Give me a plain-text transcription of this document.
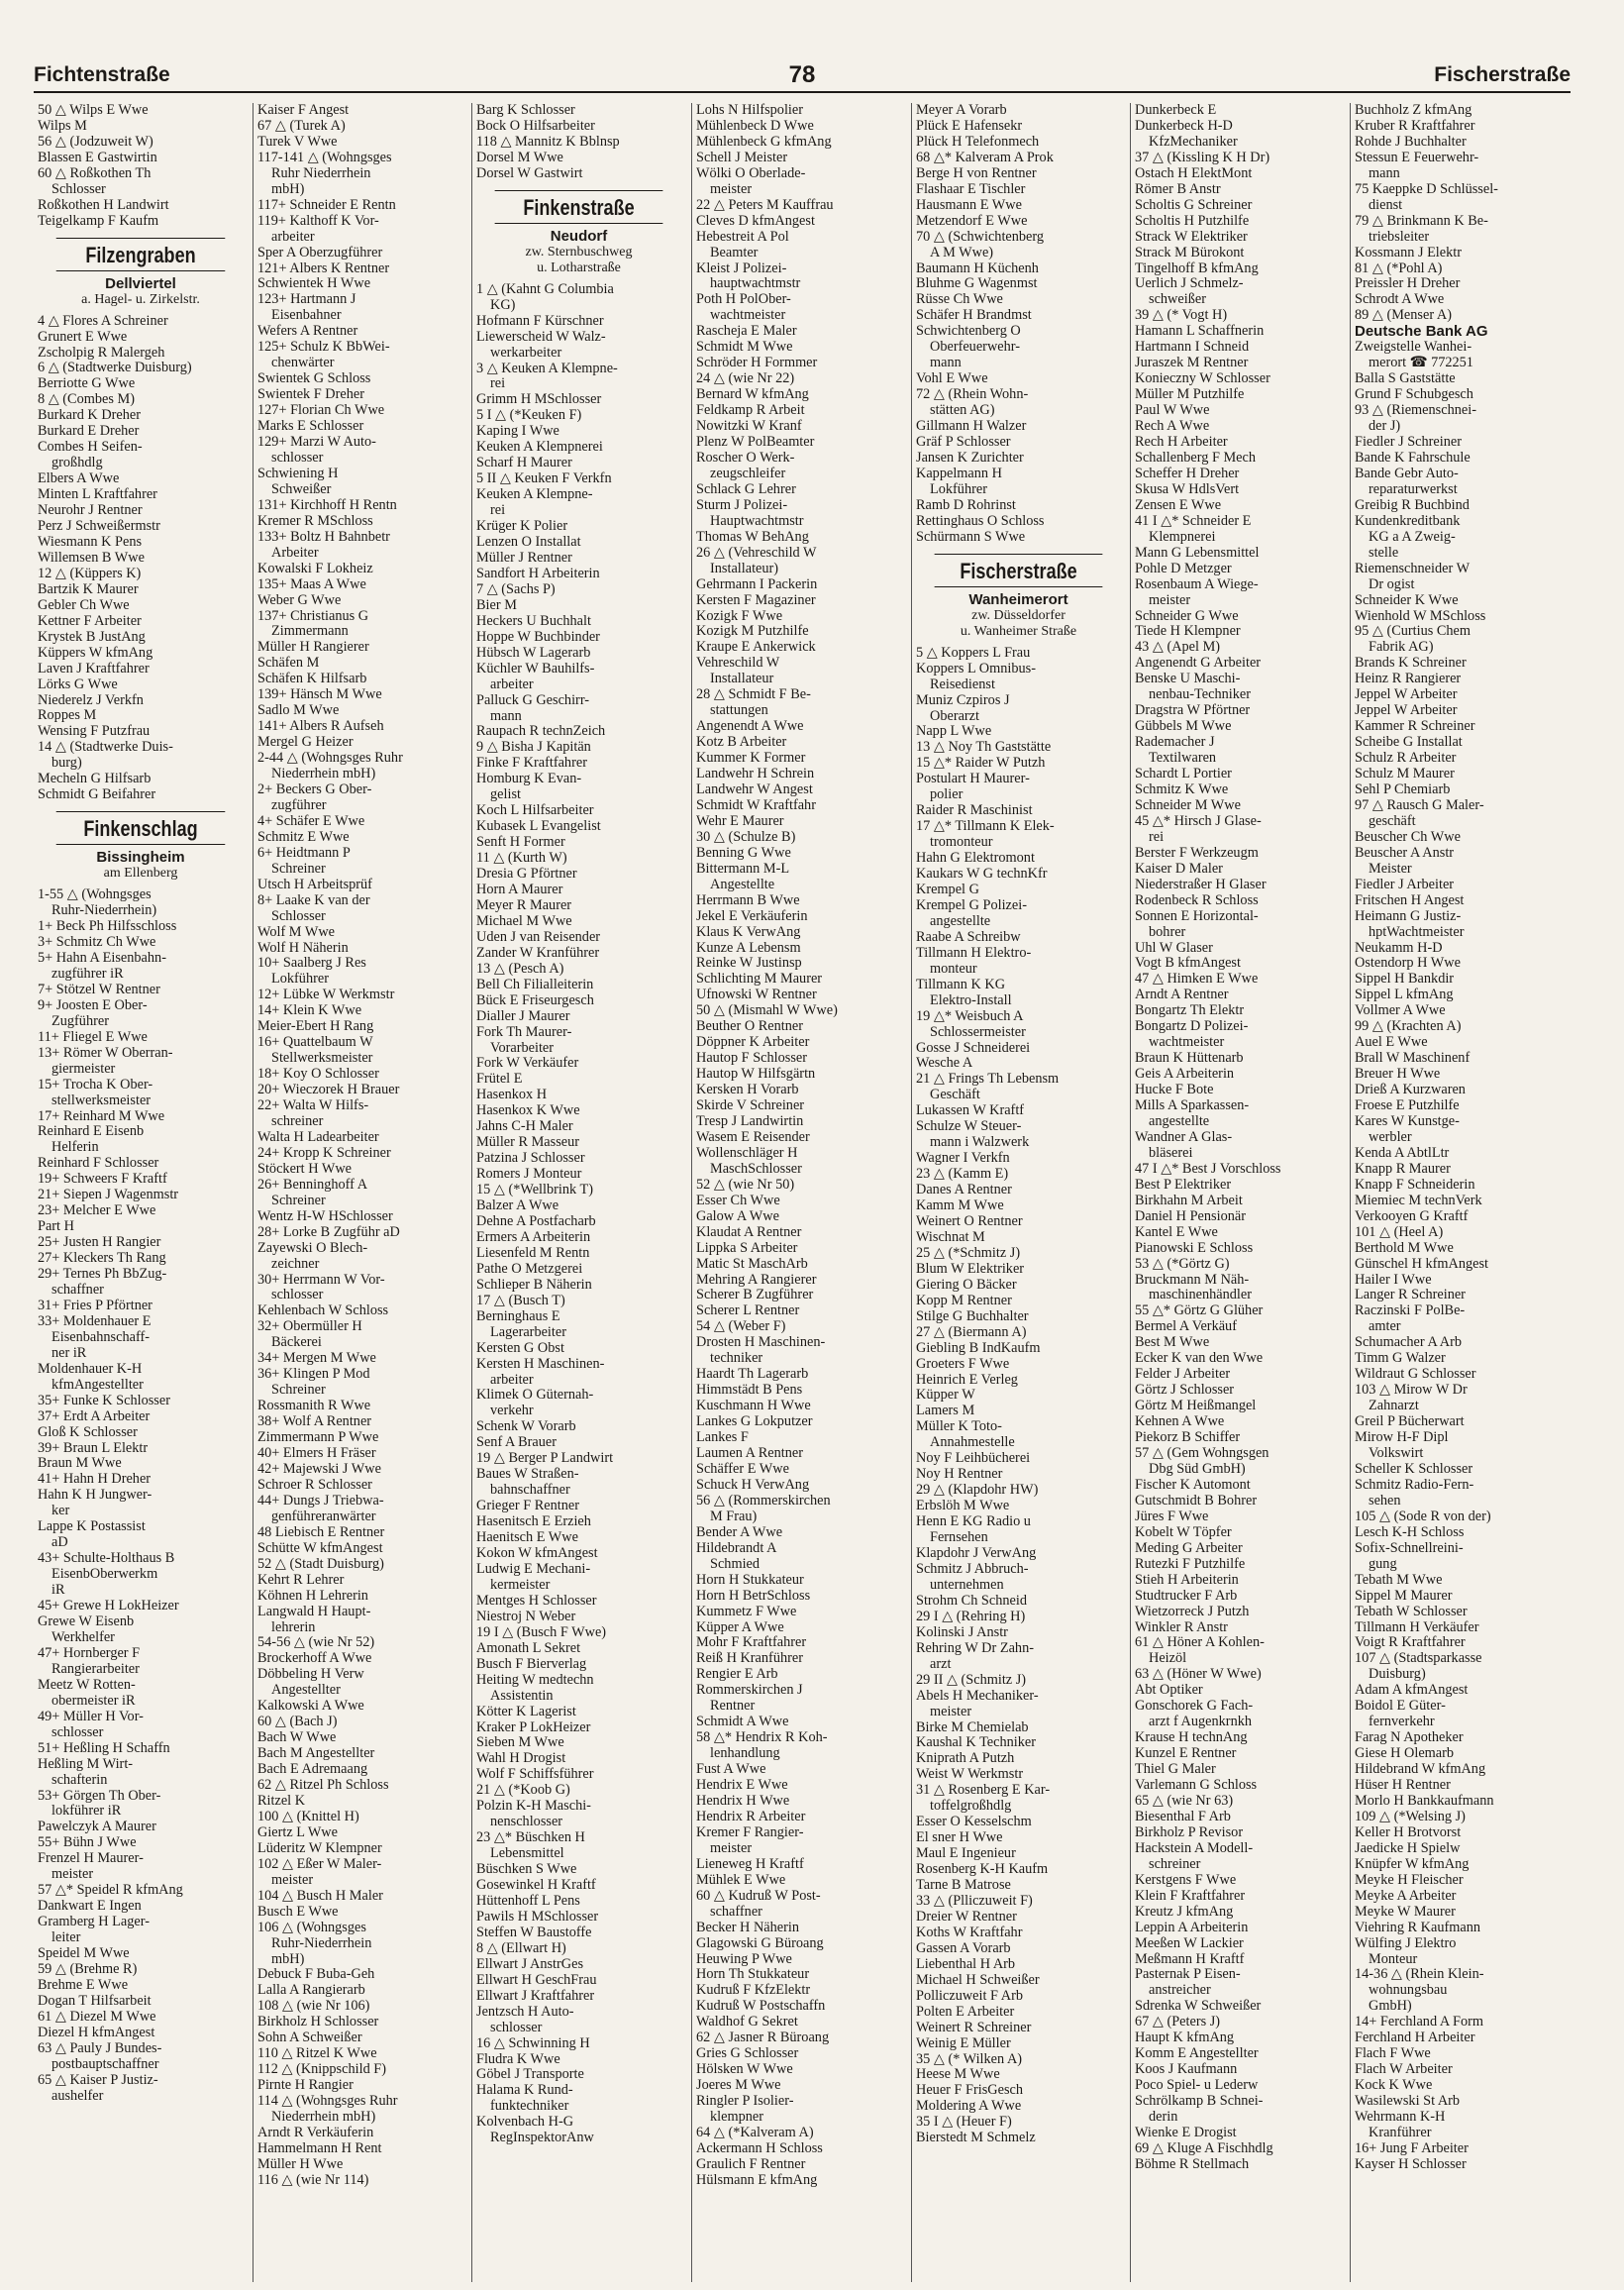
Fichtenstraße	78	Fischerstraße
50 △ Wilps E Wwe
Wilps M
56 △ (Jodzuweit W)
Blassen E Gastwirtin
60 △ Roßkothen Th
Schlosser
Roßkothen H Landwirt
Teigelkamp F Kaufm
Filzengraben
Dellviertel
a. Hagel- u. Zirkelstr.
4 △ Flores A Schreiner
Grunert E Wwe
Zscholpig R Malergeh
6 △ (Stadtwerke Duisburg)
Berriotte G Wwe
8 △ (Combes M)
Burkard K Dreher
Burkard E Dreher
Combes H Seifen-
großhdlg
Elbers A Wwe
Minten L Kraftfahrer
Neurohr J Rentner
Perz J Schweißermstr
Wiesmann K Pens
Willemsen B Wwe
12 △ (Küppers K)
Bartzik K Maurer
Gebler Ch Wwe
Kettner F Arbeiter
Krystek B JustAng
Küppers W kfmAng
Laven J Kraftfahrer
Lörks G Wwe
Niederelz J Verkfn
Roppes M
Wensing F Putzfrau
14 △ (Stadtwerke Duis-
burg)
Mecheln G Hilfsarb
Schmidt G Beifahrer
Finkenschlag
Bissingheim
am Ellenberg
1-55 △ (Wohngsges
Ruhr-Niederrhein)
1+ Beck Ph Hilfsschloss
3+ Schmitz Ch Wwe
5+ Hahn A Eisenbahn-
zugführer iR
7+ Stötzel W Rentner
9+ Joosten E Ober-
Zugführer
11+ Fliegel E Wwe
13+ Römer W Oberran-
giermeister
15+ Trocha K Ober-
stellwerksmeister
17+ Reinhard M Wwe
Reinhard E Eisenb
Helferin
Reinhard F Schlosser
19+ Schweers F Kraftf
21+ Siepen J Wagenmstr
23+ Melcher E Wwe
Part H
25+ Justen H Rangier
27+ Kleckers Th Rang
29+ Ternes Ph BbZug-
schaffner
31+ Fries P Pförtner
33+ Moldenhauer E
Eisenbahnschaff-
ner iR
Moldenhauer K-H
kfmAngestellter
35+ Funke K Schlosser
37+ Erdt A Arbeiter
Gloß K Schlosser
39+ Braun L Elektr
Braun M Wwe
41+ Hahn H Dreher
Hahn K H Jungwer-
ker
Lappe K Postassist
aD
43+ Schulte-Holthaus B
EisenbOberwerkm
iR
45+ Grewe H LokHeizer
Grewe W Eisenb
Werkhelfer
47+ Hornberger F
Rangierarbeiter
Meetz W Rotten-
obermeister iR
49+ Müller H Vor-
schlosser
51+ Heßling H Schaffn
Heßling M Wirt-
schafterin
53+ Görgen Th Ober-
lokführer iR
Pawelczyk A Maurer
55+ Bühn J Wwe
Frenzel H Maurer-
meister
57 △* Speidel R kfmAng
Dankwart E Ingen
Gramberg H Lager-
leiter
Speidel M Wwe
59 △ (Brehme R)
Brehme E Wwe
Dogan T Hilfsarbeit
61 △ Diezel M Wwe
Diezel H kfmAngest
63 △ Pauly J Bundes-
postbauptschaffner
65 △ Kaiser P Justiz-
aushelfer
Kaiser F Angest
67 △ (Turek A)
Turek V Wwe
117-141 △ (Wohngsges
Ruhr Niederrhein
mbH)
117+ Schneider E Rentn
119+ Kalthoff K Vor-
arbeiter
Sper A Oberzugführer
121+ Albers K Rentner
Schwientek H Wwe
123+ Hartmann J
Eisenbahner
Wefers A Rentner
125+ Schulz K BbWei-
chenwärter
Swientek G Schloss
Swientek F Dreher
127+ Florian Ch Wwe
Marks E Schlosser
129+ Marzi W Auto-
schlosser
Schwiening H
Schweißer
131+ Kirchhoff H Rentn
Kremer R MSchloss
133+ Boltz H Bahnbetr
Arbeiter
Kowalski F Lokheiz
135+ Maas A Wwe
Weber G Wwe
137+ Christianus G
Zimmermann
Müller H Rangierer
Schäfen M
Schäfen K Hilfsarb
139+ Hänsch M Wwe
Sadlo M Wwe
141+ Albers R Aufseh
Mergel G Heizer
2-44 △ (Wohngsges Ruhr
Niederrhein mbH)
2+ Beckers G Ober-
zugführer
4+ Schäfer E Wwe
Schmitz E Wwe
6+ Heidtmann P
Schreiner
Utsch H Arbeitsprüf
8+ Laake K van der
Schlosser
Wolf M Wwe
Wolf H Näherin
10+ Saalberg J Res
Lokführer
12+ Lübke W Werkmstr
14+ Klein K Wwe
Meier-Ebert H Rang
16+ Quattelbaum W
Stellwerksmeister
18+ Koy O Schlosser
20+ Wieczorek H Brauer
22+ Walta W Hilfs-
schreiner
Walta H Ladearbeiter
24+ Kropp K Schreiner
Stöckert H Wwe
26+ Benninghoff A
Schreiner
Wentz H-W HSchlosser
28+ Lorke B Zugführ aD
Zayewski O Blech-
zeichner
30+ Herrmann W Vor-
schlosser
Kehlenbach W Schloss
32+ Obermüller H
Bäckerei
34+ Mergen M Wwe
36+ Klingen P Mod
Schreiner
Rossmanith R Wwe
38+ Wolf A Rentner
Zimmermann P Wwe
40+ Elmers H Fräser
42+ Majewski J Wwe
Schroer R Schlosser
44+ Dungs J Triebwa-
genführeranwärter
48 Liebisch E Rentner
Schütte W kfmAngest
52 △ (Stadt Duisburg)
Kehrt R Lehrer
Köhnen H Lehrerin
Langwald H Haupt-
lehrerin
54-56 △ (wie Nr 52)
Brockerhoff A Wwe
Döbbeling H Verw
Angestellter
Kalkowski A Wwe
60 △ (Bach J)
Bach W Wwe
Bach M Angestellter
Bach E Adremaang
62 △ Ritzel Ph Schloss
Ritzel K
100 △ (Knittel H)
Giertz L Wwe
Lüderitz W Klempner
102 △ Eßer W Maler-
meister
104 △ Busch H Maler
Busch E Wwe
106 △ (Wohngsges
Ruhr-Niederrhein
mbH)
Debuck F Buba-Geh
Lalla A Rangierarb
108 △ (wie Nr 106)
Birkholz H Schlosser
Sohn A Schweißer
110 △ Ritzel K Wwe
112 △ (Knippschild F)
Pirnte H Rangier
114 △ (Wohngsges Ruhr
Niederrhein mbH)
Arndt R Verkäuferin
Hammelmann H Rent
Müller H Wwe
116 △ (wie Nr 114)
Barg K Schlosser
Bock O Hilfsarbeiter
118 △ Mannitz K Bblnsp
Dorsel M Wwe
Dorsel W Gastwirt
Finkenstraße
Neudorf
zw. Sternbuschweg
u. Lotharstraße
1 △ (Kahnt G Columbia
KG)
Hofmann F Kürschner
Liewerscheid W Walz-
werkarbeiter
3 △ Keuken A Klempne-
rei
Grimm H MSchlosser
5 I △ (*Keuken F)
Kaping I Wwe
Keuken A Klempnerei
Scharf H Maurer
5 II △ Keuken F Verkfn
Keuken A Klempne-
rei
Krüger K Polier
Lenzen O Installat
Müller J Rentner
Sandfort H Arbeiterin
7 △ (Sachs P)
Bier M
Heckers U Buchhalt
Hoppe W Buchbinder
Hübsch W Lagerarb
Küchler W Bauhilfs-
arbeiter
Palluck G Geschirr-
mann
Raupach R technZeich
9 △ Bisha J Kapitän
Finke F Kraftfahrer
Homburg K Evan-
gelist
Koch L Hilfsarbeiter
Kubasek L Evangelist
Senft H Former
11 △ (Kurth W)
Dresia G Pförtner
Horn A Maurer
Meyer R Maurer
Michael M Wwe
Uden J van Reisender
Zander W Kranführer
13 △ (Pesch A)
Bell Ch Filialleiterin
Bück E Friseurgesch
Dialler J Maurer
Fork Th Maurer-
Vorarbeiter
Fork W Verkäufer
Frütel E
Hasenkox H
Hasenkox K Wwe
Jahns C-H Maler
Müller R Masseur
Patzina J Schlosser
Romers J Monteur
15 △ (*Wellbrink T)
Balzer A Wwe
Dehne A Postfacharb
Ermers A Arbeiterin
Liesenfeld M Rentn
Pathe O Metzgerei
Schlieper B Näherin
17 △ (Busch T)
Berninghaus E
Lagerarbeiter
Kersten G Obst
Kersten H Maschinen-
arbeiter
Klimek O Güternah-
verkehr
Schenk W Vorarb
Senf A Brauer
19 △ Berger P Landwirt
Baues W Straßen-
bahnschaffner
Grieger F Rentner
Hasenitsch E Erzieh
Haenitsch E Wwe
Kokon W kfmAngest
Ludwig E Mechani-
kermeister
Mentges H Schlosser
Niestroj N Weber
19 I △ (Busch F Wwe)
Amonath L Sekret
Busch F Bierverlag
Heiting W medtechn
Assistentin
Kötter K Lagerist
Kraker P LokHeizer
Sieben M Wwe
Wahl H Drogist
Wolf F Schiffsführer
21 △ (*Koob G)
Polzin K-H Maschi-
nenschlosser
23 △* Büschken H
Lebensmittel
Büschken S Wwe
Gosewinkel H Kraftf
Hüttenhoff L Pens
Pawils H MSchlosser
Steffen W Baustoffe
8 △ (Ellwart H)
Ellwart J AnstrGes
Ellwart H GeschFrau
Ellwart J Kraftfahrer
Jentzsch H Auto-
schlosser
16 △ Schwinning H
Fludra K Wwe
Göbel J Transporte
Halama K Rund-
funktechniker
Kolvenbach H-G
RegInspektorAnw
Lohs N Hilfspolier
Mühlenbeck D Wwe
Mühlenbeck G kfmAng
Schell J Meister
Wölki O Oberlade-
meister
22 △ Peters M Kauffrau
Cleves D kfmAngest
Hebestreit A Pol
Beamter
Kleist J Polizei-
hauptwachtmstr
Poth H PolOber-
wachtmeister
Rascheja E Maler
Schmidt M Wwe
Schröder H Formmer
24 △ (wie Nr 22)
Bernard W kfmAng
Feldkamp R Arbeit
Nowitzki W Kranf
Plenz W PolBeamter
Roscher O Werk-
zeugschleifer
Schlack G Lehrer
Sturm J Polizei-
Hauptwachtmstr
Thomas W BehAng
26 △ (Vehreschild W
Installateur)
Gehrmann I Packerin
Kersten F Magaziner
Kozigk F Wwe
Kozigk M Putzhilfe
Kraupe E Ankerwick
Vehreschild W
Installateur
28 △ Schmidt F Be-
stattungen
Angenendt A Wwe
Kotz B Arbeiter
Kummer K Former
Landwehr H Schrein
Landwehr W Angest
Schmidt W Kraftfahr
Wehr E Maurer
30 △ (Schulze B)
Benning G Wwe
Bittermann M-L
Angestellte
Herrmann B Wwe
Jekel E Verkäuferin
Klaus K VerwAng
Kunze A Lebensm
Reinke W Justinsp
Schlichting M Maurer
Ufnowski W Rentner
50 △ (Mismahl W Wwe)
Beuther O Rentner
Döppner K Arbeiter
Hautop F Schlosser
Hautop W Hilfsgärtn
Kersken H Vorarb
Skirde V Schreiner
Tresp J Landwirtin
Wasem E Reisender
Wollenschläger H
MaschSchlosser
52 △ (wie Nr 50)
Esser Ch Wwe
Galow A Wwe
Klaudat A Rentner
Lippka S Arbeiter
Matic St MaschArb
Mehring A Rangierer
Scherer B Zugführer
Scherer L Rentner
54 △ (Weber F)
Drosten H Maschinen-
techniker
Haardt Th Lagerarb
Himmstädt B Pens
Kuschmann H Wwe
Lankes G Lokputzer
Lankes F
Laumen A Rentner
Schäffer E Wwe
Schuck H VerwAng
56 △ (Rommerskirchen
M Frau)
Bender A Wwe
Hildebrandt A
Schmied
Horn H Stukkateur
Horn H BetrSchloss
Kummetz F Wwe
Küpper A Wwe
Mohr F Kraftfahrer
Reiß H Kranführer
Rengier E Arb
Rommerskirchen J
Rentner
Schmidt A Wwe
58 △* Hendrix R Koh-
lenhandlung
Fust A Wwe
Hendrix E Wwe
Hendrix H Wwe
Hendrix R Arbeiter
Kremer F Rangier-
meister
Lieneweg H Kraftf
Mühlek E Wwe
60 △ Kudruß W Post-
schaffner
Becker H Näherin
Glagowski G Büroang
Heuwing P Wwe
Horn Th Stukkateur
Kudruß F KfzElektr
Kudruß W Postschaffn
Waldhof G Sekret
62 △ Jasner R Büroang
Gries G Schlosser
Hölsken W Wwe
Joeres M Wwe
Ringler P Isolier-
klempner
64 △ (*Kalveram A)
Ackermann H Schloss
Graulich F Rentner
Hülsmann E kfmAng
Meyer A Vorarb
Plück E Hafensekr
Plück H Telefonmech
68 △* Kalveram A Prok
Berge H von Rentner
Flashaar E Tischler
Hausmann E Wwe
Metzendorf E Wwe
70 △ (Schwichtenberg
A M Wwe)
Baumann H Küchenh
Bluhme G Wagenmst
Rüsse Ch Wwe
Schäfer H Brandmst
Schwichtenberg O
Oberfeuerwehr-
mann
Vohl E Wwe
72 △ (Rhein Wohn-
stätten AG)
Gillmann H Walzer
Gräf P Schlosser
Jansen K Zurichter
Kappelmann H
Lokführer
Ramb D Rohrinst
Rettinghaus O Schloss
Schürmann S Wwe
Fischerstraße
Wanheimerort
zw. Düsseldorfer
u. Wanheimer Straße
5 △ Koppers L Frau
Koppers L Omnibus-
Reisedienst
Muniz Czpiros J
Oberarzt
Napp L Wwe
13 △ Noy Th Gaststätte
15 △* Raider W Putzh
Postulart H Maurer-
polier
Raider R Maschinist
17 △* Tillmann K Elek-
tromonteur
Hahn G Elektromont
Kaukars W G technKfr
Krempel G
Krempel G Polizei-
angestellte
Raabe A Schreibw
Tillmann H Elektro-
monteur
Tillmann K KG
Elektro-Install
19 △* Weisbuch A
Schlossermeister
Gosse J Schneiderei
Wesche A
21 △ Frings Th Lebensm
Geschäft
Lukassen W Kraftf
Schulze W Steuer-
mann i Walzwerk
Wagner I Verkfn
23 △ (Kamm E)
Danes A Rentner
Kamm M Wwe
Weinert O Rentner
Wischnat M
25 △ (*Schmitz J)
Blum W Elektriker
Giering O Bäcker
Kopp M Rentner
Stilge G Buchhalter
27 △ (Biermann A)
Giebling B IndKaufm
Groeters F Wwe
Heinrich E Verleg
Küpper W
Lamers M
Müller K Toto-
Annahmestelle
Noy F Leihbücherei
Noy H Rentner
29 △ (Klapdohr HW)
Erbslöh M Wwe
Henn E KG Radio u
Fernsehen
Klapdohr J VerwAng
Schmitz J Abbruch-
unternehmen
Strohm Ch Schneid
29 I △ (Rehring H)
Kolinski J Anstr
Rehring W Dr Zahn-
arzt
29 II △ (Schmitz J)
Abels H Mechaniker-
meister
Birke M Chemielab
Kaushal K Techniker
Kniprath A Putzh
Weist W Werkmstr
31 △ Rosenberg E Kar-
toffelgroßhdlg
Esser O Kesselschm
El sner H Wwe
Maul E Ingenieur
Rosenberg K-H Kaufm
Tarne B Matrose
33 △ (Plliczuweit F)
Dreier W Rentner
Koths W Kraftfahr
Gassen A Vorarb
Liebenthal H Arb
Michael H Schweißer
Polliczuweit F Arb
Polten E Arbeiter
Weinert R Schreiner
Weinig E Müller
35 △ (* Wilken A)
Heese M Wwe
Heuer F FrisGesch
Moldering A Wwe
35 I △ (Heuer F)
Bierstedt M Schmelz
Dunkerbeck E
Dunkerbeck H-D
KfzMechaniker
37 △ (Kissling K H Dr)
Ostach H ElektMont
Römer B Anstr
Scholtis G Schreiner
Scholtis H Putzhilfe
Strack W Elektriker
Strack M Bürokont
Tingelhoff B kfmAng
Uerlich J Schmelz-
schweißer
39 △ (* Vogt H)
Hamann L Schaffnerin
Hartmann I Schneid
Juraszek M Rentner
Konieczny W Schlosser
Müller M Putzhilfe
Paul W Wwe
Rech A Wwe
Rech H Arbeiter
Schallenberg F Mech
Scheffer H Dreher
Skusa W HdlsVert
Zensen E Wwe
41 I △* Schneider E
Klempnerei
Mann G Lebensmittel
Pohle D Metzger
Rosenbaum A Wiege-
meister
Schneider G Wwe
Tiede H Klempner
43 △ (Apel M)
Angenendt G Arbeiter
Benske U Maschi-
nenbau-Techniker
Dragstra W Pförtner
Gübbels M Wwe
Rademacher J
Textilwaren
Schardt L Portier
Schmitz K Wwe
Schneider M Wwe
45 △* Hirsch J Glase-
rei
Berster F Werkzeugm
Kaiser D Maler
Niederstraßer H Glaser
Rodenbeck R Schloss
Sonnen E Horizontal-
bohrer
Uhl W Glaser
Vogt B kfmAngest
47 △ Himken E Wwe
Arndt A Rentner
Bongartz Th Elektr
Bongartz D Polizei-
wachtmeister
Braun K Hüttenarb
Geis A Arbeiterin
Hucke F Bote
Mills A Sparkassen-
angestellte
Wandner A Glas-
bläserei
47 I △* Best J Vorschloss
Best P Elektriker
Birkhahn M Arbeit
Daniel H Pensionär
Kantel E Wwe
Pianowski E Schloss
53 △ (*Görtz G)
Bruckmann M Näh-
maschinenhändler
55 △* Görtz G Glüher
Bermel A Verkäuf
Best M Wwe
Ecker K van den Wwe
Felder J Arbeiter
Görtz J Schlosser
Görtz M Heißmangel
Kehnen A Wwe
Piekorz B Schiffer
57 △ (Gem Wohngsgen
Dbg Süd GmbH)
Fischer K Automont
Gutschmidt B Bohrer
Jüres F Wwe
Kobelt W Töpfer
Meding G Arbeiter
Rutezki F Putzhilfe
Stieh H Arbeiterin
Studtrucker F Arb
Wietzorreck J Putzh
Winkler R Anstr
61 △ Höner A Kohlen-
Heizöl
63 △ (Höner W Wwe)
Abt Optiker
Gonschorek G Fach-
arzt f Augenkrnkh
Krause H technAng
Kunzel E Rentner
Thiel G Maler
Varlemann G Schloss
65 △ (wie Nr 63)
Biesenthal F Arb
Birkholz P Revisor
Hackstein A Modell-
schreiner
Kerstgens F Wwe
Klein F Kraftfahrer
Kreutz J kfmAng
Leppin A Arbeiterin
Meeßen W Lackier
Meßmann H Kraftf
Pasternak P Eisen-
anstreicher
Sdrenka W Schweißer
67 △ (Peters J)
Haupt K kfmAng
Komm E Angestellter
Koos J Kaufmann
Poco Spiel- u Lederw
Schrölkamp B Schnei-
derin
Wienke E Drogist
69 △ Kluge A Fischhdlg
Böhme R Stellmach
Buchholz Z kfmAng
Kruber R Kraftfahrer
Rohde J Buchhalter
Stessun E Feuerwehr-
mann
75 Kaeppke D Schlüssel-
dienst
79 △ Brinkmann K Be-
triebsleiter
Kossmann J Elektr
81 △ (*Pohl A)
Preissler H Dreher
Schrodt A Wwe
89 △ (Menser A)
Deutsche Bank AG
Zweigstelle Wanhei-
merort ☎ 772251
Balla S Gaststätte
Grund F Schubgesch
93 △ (Riemenschnei-
der J)
Fiedler J Schreiner
Bande K Fahrschule
Bande Gebr Auto-
reparaturwerkst
Greibig R Buchbind
Kundenkreditbank
KG a A Zweig-
stelle
Riemenschneider W
Dr ogist
Schneider K Wwe
Wienhold W MSchloss
95 △ (Curtius Chem
Fabrik AG)
Brands K Schreiner
Heinz R Rangierer
Jeppel W Arbeiter
Jeppel W Arbeiter
Kammer R Schreiner
Scheibe G Installat
Schulz R Arbeiter
Schulz M Maurer
Sehl P Chemiarb
97 △ Rausch G Maler-
geschäft
Beuscher Ch Wwe
Beuscher A Anstr
Meister
Fiedler J Arbeiter
Fritschen H Angest
Heimann G Justiz-
hptWachtmeister
Neukamm H-D
Ostendorp H Wwe
Sippel H Bankdir
Sippel L kfmAng
Vollmer A Wwe
99 △ (Krachten A)
Auel E Wwe
Brall W Maschinenf
Breuer H Wwe
Drieß A Kurzwaren
Froese E Putzhilfe
Kares W Kunstge-
werbler
Kenda A AbtlLtr
Knapp R Maurer
Knapp F Schneiderin
Miemiec M technVerk
Verkooyen G Kraftf
101 △ (Heel A)
Berthold M Wwe
Günschel H kfmAngest
Hailer I Wwe
Langer R Schreiner
Raczinski F PolBe-
amter
Schumacher A Arb
Timm G Walzer
Wildraut G Schlosser
103 △ Mirow W Dr
Zahnarzt
Greil P Bücherwart
Mirow H-F Dipl
Volkswirt
Scheller K Schlosser
Schmitz Radio-Fern-
sehen
105 △ (Sode R von der)
Lesch K-H Schloss
Sofix-Schnellreini-
gung
Tebath M Wwe
Sippel M Maurer
Tebath W Schlosser
Tillmann H Verkäufer
Voigt R Kraftfahrer
107 △ (Stadtsparkasse
Duisburg)
Adam A kfmAngest
Boidol E Güter-
fernverkehr
Farag N Apotheker
Giese H Olemarb
Hildebrand W kfmAng
Hüser H Rentner
Morlo H Bankkaufmann
109 △ (*Welsing J)
Keller H Brotvorst
Jaedicke H Spielw
Knüpfer W kfmAng
Meyke H Fleischer
Meyke A Arbeiter
Meyke W Maurer
Viehring R Kaufmann
Wülfing J Elektro
Monteur
14-36 △ (Rhein Klein-
wohnungsbau
GmbH)
14+ Ferchland A Form
Ferchland H Arbeiter
Flach F Wwe
Flach W Arbeiter
Kock K Wwe
Wasilewski St Arb
Wehrmann K-H
Kranführer
16+ Jung F Arbeiter
Kayser H Schlosser
